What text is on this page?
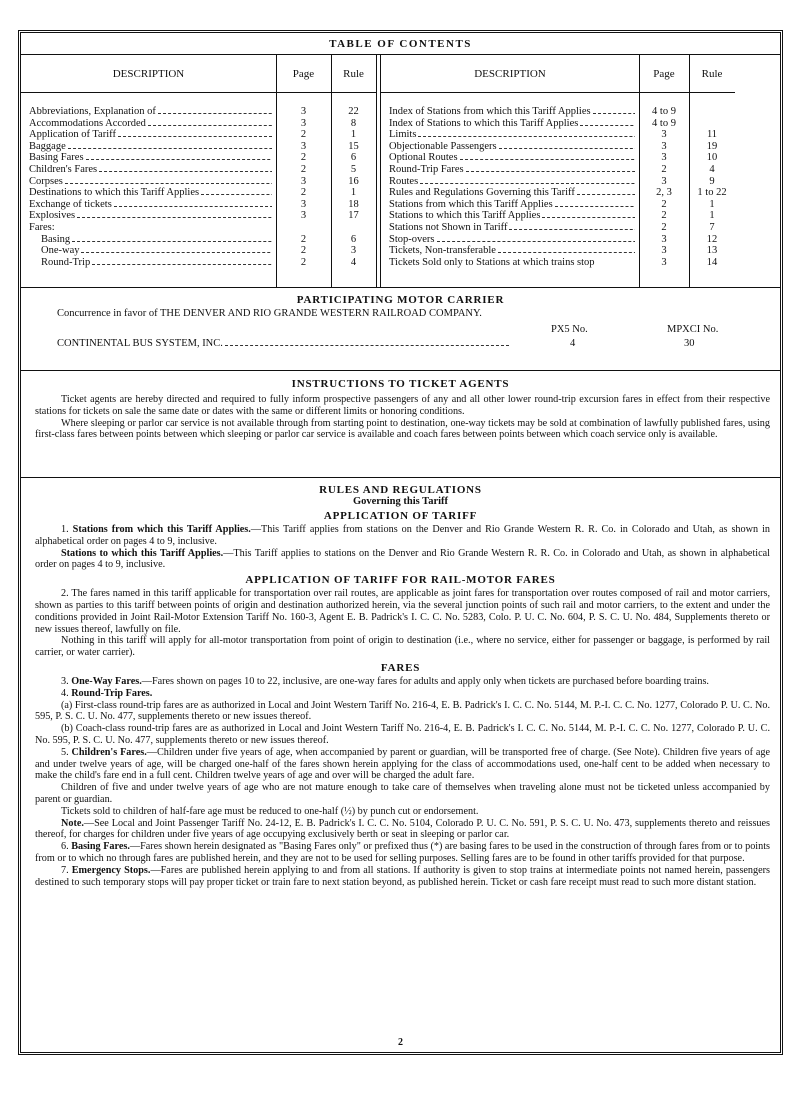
TABLE OF CONTENTS
DESCRIPTION	Page	Rule
Abbreviations, Explanation of	3	22
Accommodations Accorded	3	8
Application of Tariff	2	1
Baggage	3	15
Basing Fares	2	6
Children's Fares	2	5
Corpses	3	16
Destinations to which this Tariff Applies	2	1
Exchange of tickets	3	18
Explosives	3	17
Fares:
Basing	2	6
One-way	2	3
Round-Trip	2	4
DESCRIPTION	Page	Rule
Index of Stations from which this Tariff Applies	4 to 9
Index of Stations to which this Tariff Applies	4 to 9
Limits	3	11
Objectionable Passengers	3	19
Optional Routes	3	10
Round-Trip Fares	2	4
Routes	3	9
Rules and Regulations Governing this Tariff	2, 3	1 to 22
Stations from which this Tariff Applies	2	1
Stations to which this Tariff Applies	2	1
Stations not Shown in Tariff	2	7
Stop-overs	3	12
Tickets, Non-transferable	3	13
Tickets Sold only to Stations at which trains stop	3	14
PARTICIPATING MOTOR CARRIER
Concurrence in favor of THE DENVER AND RIO GRANDE WESTERN RAILROAD COMPANY.
PX5 No.	MPXCI No.
CONTINENTAL BUS SYSTEM, INC.	4	30
INSTRUCTIONS TO TICKET AGENTS

Ticket agents are hereby directed and required to fully inform prospective passengers of any and all other lower round-trip excursion fares in effect from their respective stations for tickets on sale the same date or dates with the same or different limits or honoring conditions.

Where sleeping or parlor car service is not available through from starting point to destination, one-way tickets may be sold at combination of lawfully published fares, using first-class fares between points between which sleeping or parlor car service is available and coach fares between points between which coach service only is available.

RULES AND REGULATIONS
Governing this Tariff
APPLICATION OF TARIFF

1. Stations from which this Tariff Applies.—This Tariff applies from stations on the Denver and Rio Grande Western R. R. Co. in Colorado and Utah, as shown in alphabetical order on pages 4 to 9, inclusive.

Stations to which this Tariff Applies.—This Tariff applies to stations on the Denver and Rio Grande Western R. R. Co. in Colorado and Utah, as shown in alphabetical order on pages 4 to 9, inclusive.

APPLICATION OF TARIFF FOR RAIL-MOTOR FARES

2. The fares named in this tariff applicable for transportation over rail routes, are applicable as joint fares for transportation over routes composed of rail and motor carriers, shown as parties to this tariff between points of origin and destination authorized herein, via the several junction points of such rail and motor carriers, to the extent and under the conditions provided in Joint Rail-Motor Extension Tariff No. 160-3, Agent E. B. Padrick's I. C. C. No. 5283, Colo. P. U. C. No. 604, P. S. C. U. No. 484, Supplements thereto or new issues thereof, lawfully on file.

Nothing in this tariff will apply for all-motor transportation from point of origin to destination (i.e., where no service, either for passenger or baggage, is performed by rail carrier, or water carrier).

FARES

3. One-Way Fares.—Fares shown on pages 10 to 22, inclusive, are one-way fares for adults and apply only when tickets are purchased before boarding trains.

4. Round-Trip Fares.

(a) First-class round-trip fares are as authorized in Local and Joint Western Tariff No. 216-4, E. B. Padrick's I. C. C. No. 5144, M. P.-I. C. C. No. 1277, Colorado P. U. C. No. 595, P. S. C. U. No. 477, supplements thereto or new issues thereof.

(b) Coach-class round-trip fares are as authorized in Local and Joint Western Tariff No. 216-4, E. B. Padrick's I. C. C. No. 5144, M. P.-I. C. C. No. 1277, Colorado P. U. C. No. 595, P. S. C. U. No. 477, supplements thereto or new issues thereof.

5. Children's Fares.—Children under five years of age, when accompanied by parent or guardian, will be transported free of charge. (See Note). Children five years of age and under twelve years of age, will be charged one-half of the fares shown herein applying for the class of accommodations used, one-half cent to be added when necessary to make the child's fare end in a full cent. Children twelve years of age and over will be charged the adult fare.

Children of five and under twelve years of age who are not mature enough to take care of themselves when traveling alone must not be ticketed unless accompanied by parent or guardian.

Tickets sold to children of half-fare age must be reduced to one-half (½) by punch cut or endorsement.

Note.—See Local and Joint Passenger Tariff No. 24-12, E. B. Padrick's I. C. C. No. 5104, Colorado P. U. C. No. 591, P. S. C. U. No. 473, supplements thereto and reissues thereof, for charges for children under five years of age occupying exclusively berth or seat in sleeping or parlor car.

6. Basing Fares.—Fares shown herein designated as "Basing Fares only" or prefixed thus (*) are basing fares to be used in the construction of through fares from or to points from or to which no through fares are published herein, and they are not to be used for selling purposes. Selling fares are to be found in other tariffs provided for that purpose.

7. Emergency Stops.—Fares are published herein applying to and from all stations. If authority is given to stop trains at intermediate points not named herein, passengers destined to such temporary stops will pay proper ticket or train fare to next station beyond, as published herein. Ticket or cash fare receipt must read to such more distant station.

2
